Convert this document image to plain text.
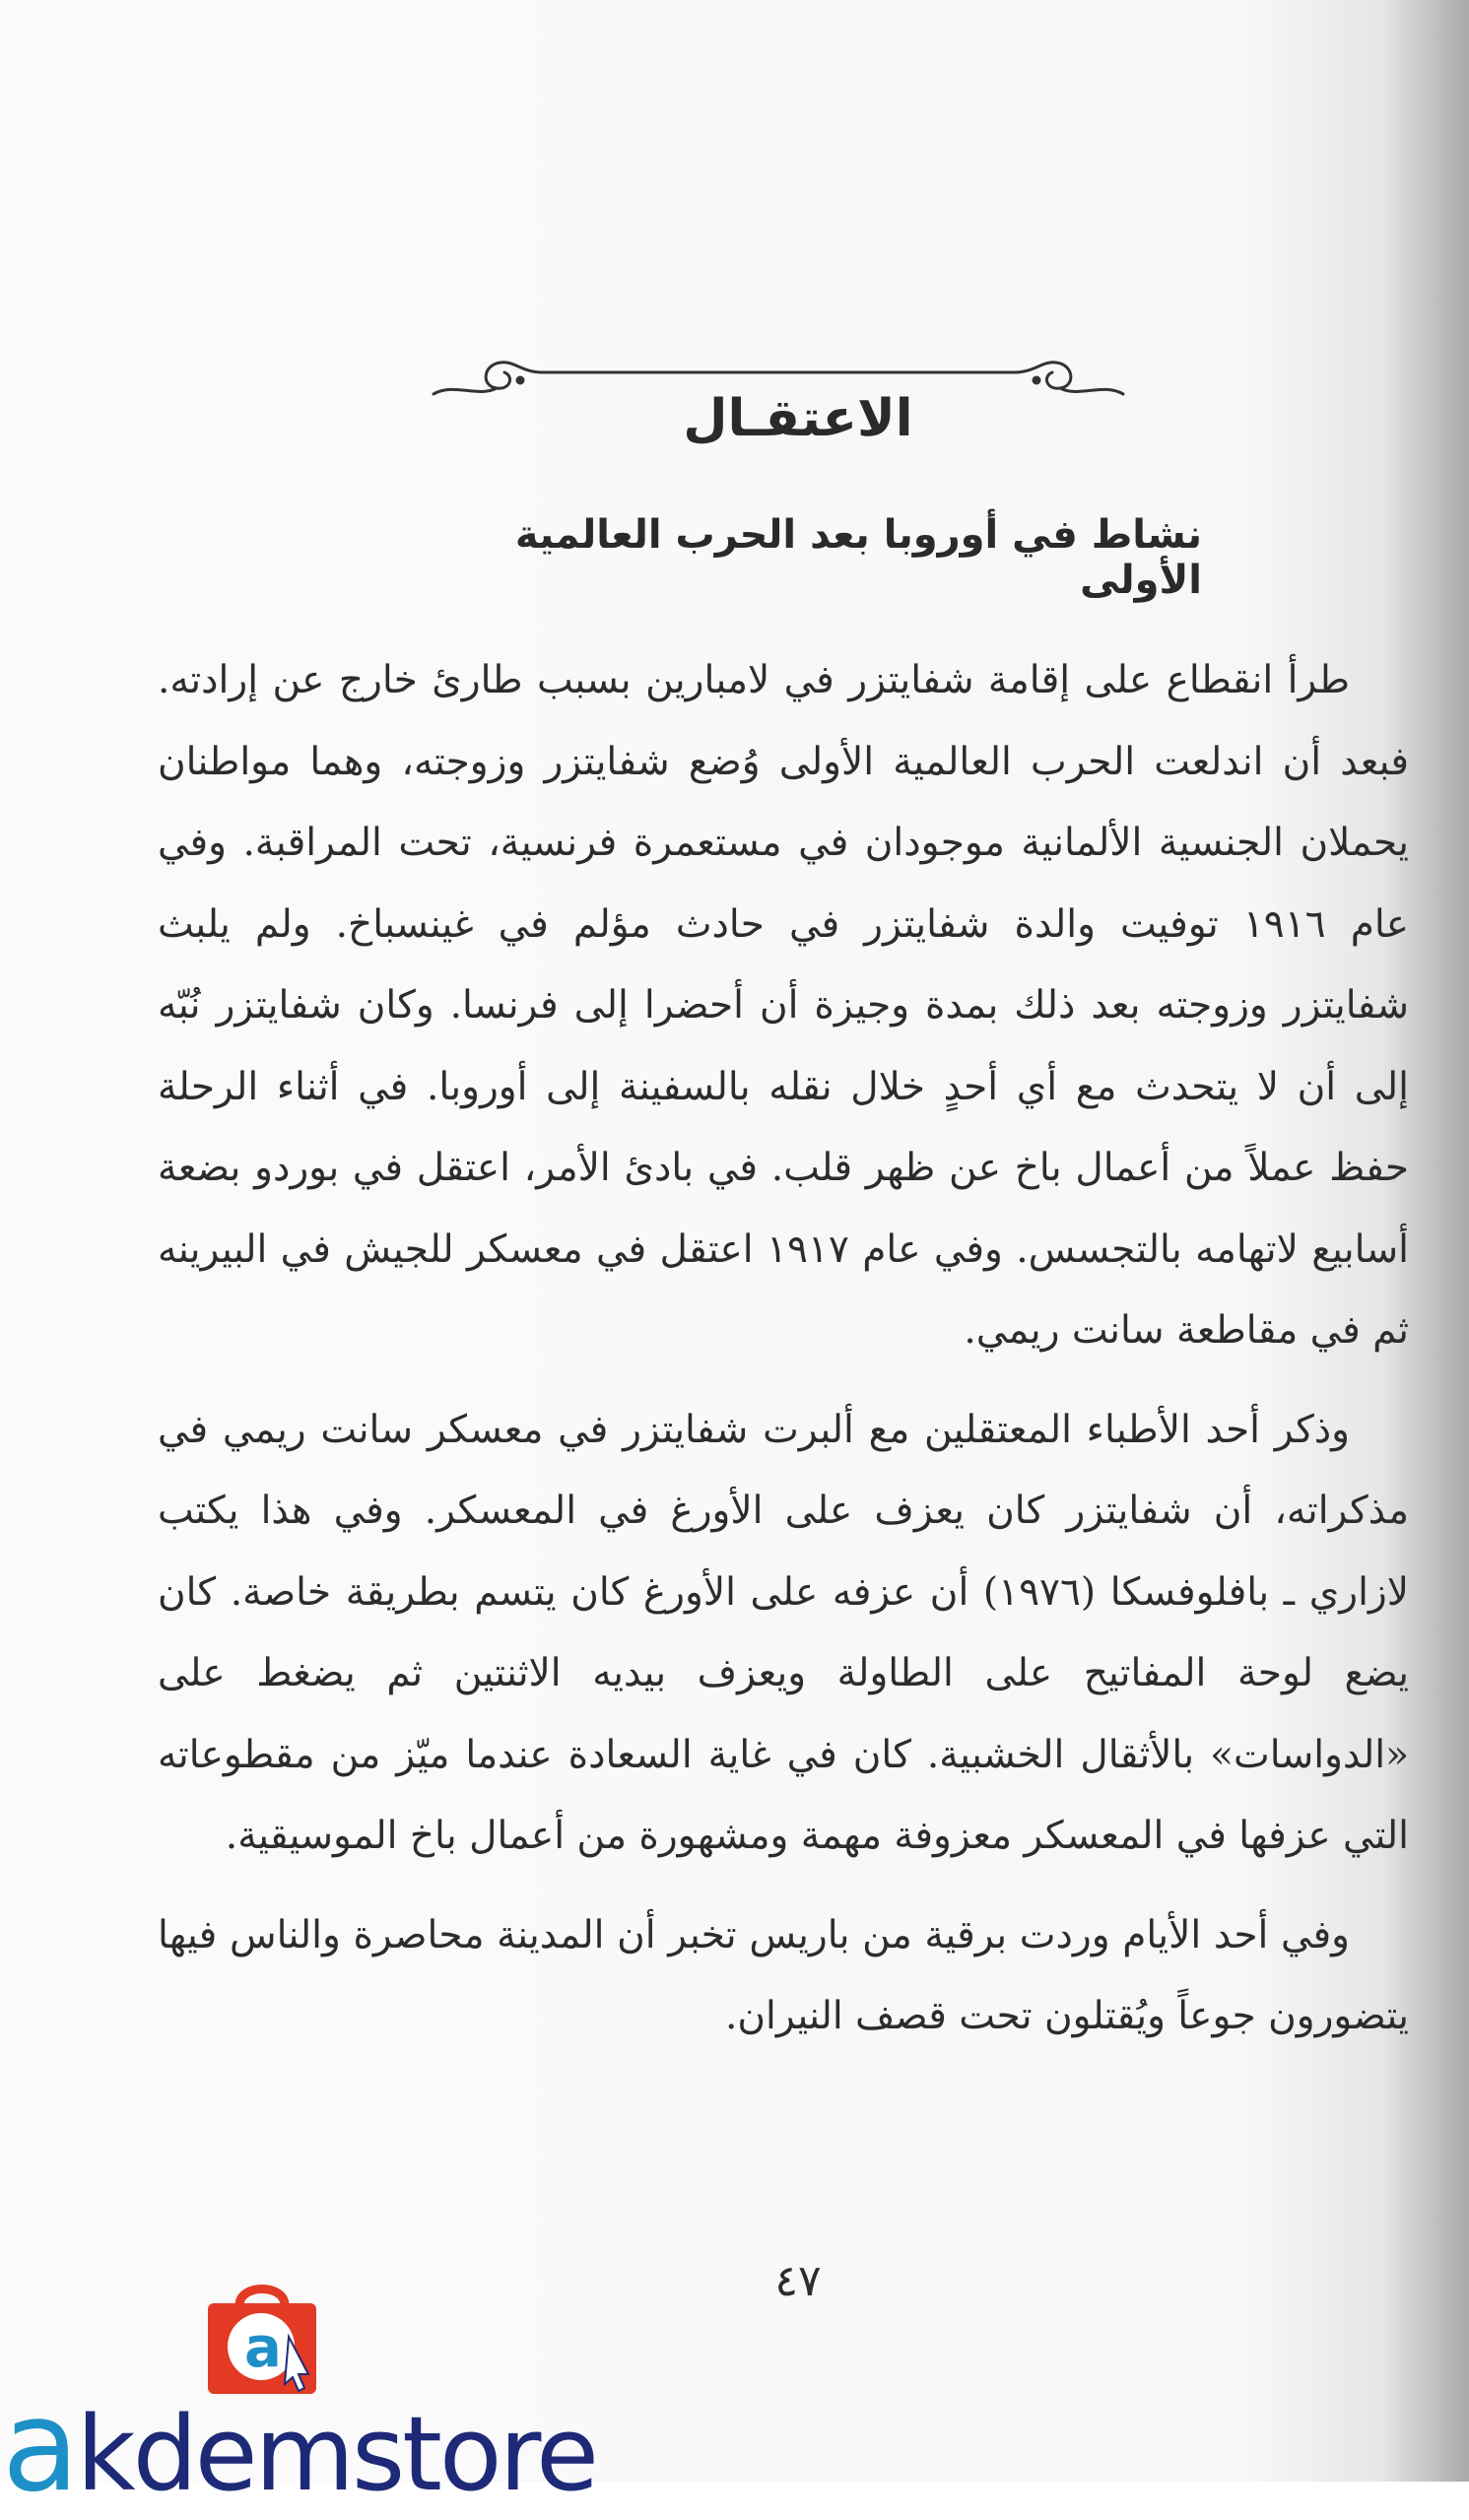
الاعتقـال
نشاط في أوروبا بعد الحرب العالمية الأولى

طرأ انقطاع على إقامة شفايتزر في لامبارين بسبب طارئ خارج عن إرادته. فبعد أن اندلعت الحرب العالمية الأولى وُضع شفايتزر وزوجته، وهما مواطنان يحملان الجنسية الألمانية موجودان في مستعمرة فرنسية، تحت المراقبة. وفي عام ١٩١٦ توفيت والدة شفايتزر في حادث مؤلم في غينسباخ. ولم يلبث شفايتزر وزوجته بعد ذلك بمدة وجيزة أن أحضرا إلى فرنسا. وكان شفايتزر نُبّه إلى أن لا يتحدث مع أي أحدٍ خلال نقله بالسفينة إلى أوروبا. في أثناء الرحلة حفظ عملاً من أعمال باخ عن ظهر قلب. في بادئ الأمر، اعتقل في بوردو بضعة أسابيع لاتهامه بالتجسس. وفي عام ١٩١٧ اعتقل في معسكر للجيش في البيرينه ثم في مقاطعة سانت ريمي.

وذكر أحد الأطباء المعتقلين مع ألبرت شفايتزر في معسكر سانت ريمي في مذكراته، أن شفايتزر كان يعزف على الأورغ في المعسكر. وفي هذا يكتب لازاري ـ بافلوفسكا (١٩٧٦) أن عزفه على الأورغ كان يتسم بطريقة خاصة. كان يضع لوحة المفاتيح على الطاولة ويعزف بيديه الاثنتين ثم يضغط على «الدواسات» بالأثقال الخشبية. كان في غاية السعادة عندما ميّز من مقطوعاته التي عزفها في المعسكر معزوفة مهمة ومشهورة من أعمال باخ الموسيقية.

وفي أحد الأيام وردت برقية من باريس تخبر أن المدينة محاصرة والناس فيها يتضورون جوعاً ويُقتلون تحت قصف النيران.

٤٧
a
akdemstore
